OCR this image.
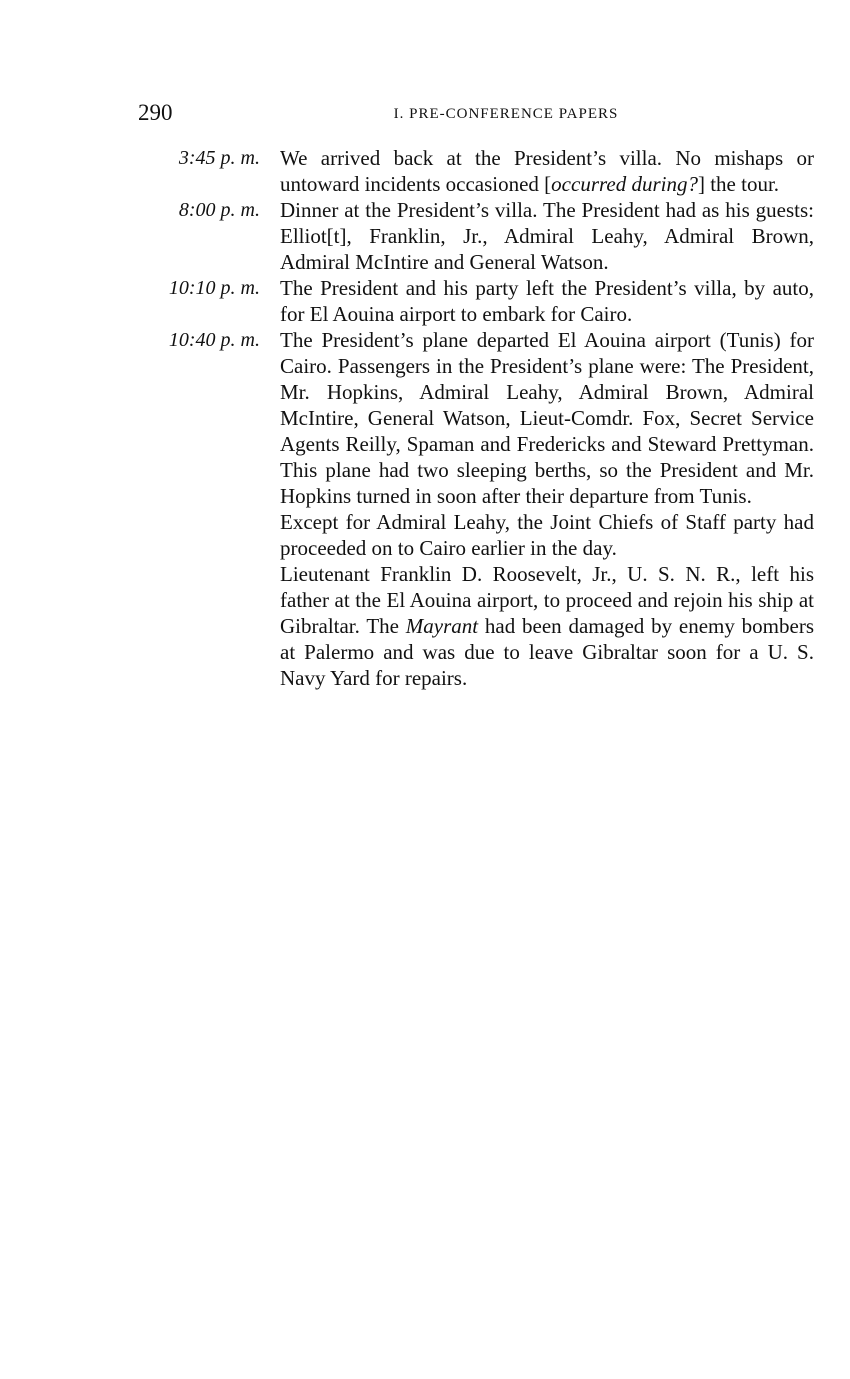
290	I. PRE-CONFERENCE PAPERS
3:45 p. m. We arrived back at the President’s villa. No mishaps or untoward incidents occasioned [occurred during?] the tour.

8:00 p. m. Dinner at the President’s villa. The President had as his guests: Elliot[t], Franklin, Jr., Admiral Leahy, Admiral Brown, Admiral McIntire and General Watson.

10:10 p. m. The President and his party left the President’s villa, by auto, for El Aouina airport to embark for Cairo.

10:40 p. m. The President’s plane departed El Aouina airport (Tunis) for Cairo. Passengers in the President’s plane were: The President, Mr. Hopkins, Admiral Leahy, Admiral Brown, Admiral McIntire, General Watson, Lieut-Comdr. Fox, Secret Service Agents Reilly, Spaman and Fredericks and Steward Prettyman. This plane had two sleeping berths, so the President and Mr. Hopkins turned in soon after their departure from Tunis.

Except for Admiral Leahy, the Joint Chiefs of Staff party had proceeded on to Cairo earlier in the day.

Lieutenant Franklin D. Roosevelt, Jr., U. S. N. R., left his father at the El Aouina airport, to proceed and rejoin his ship at Gibraltar. The Mayrant had been damaged by enemy bombers at Palermo and was due to leave Gibraltar soon for a U. S. Navy Yard for repairs.
